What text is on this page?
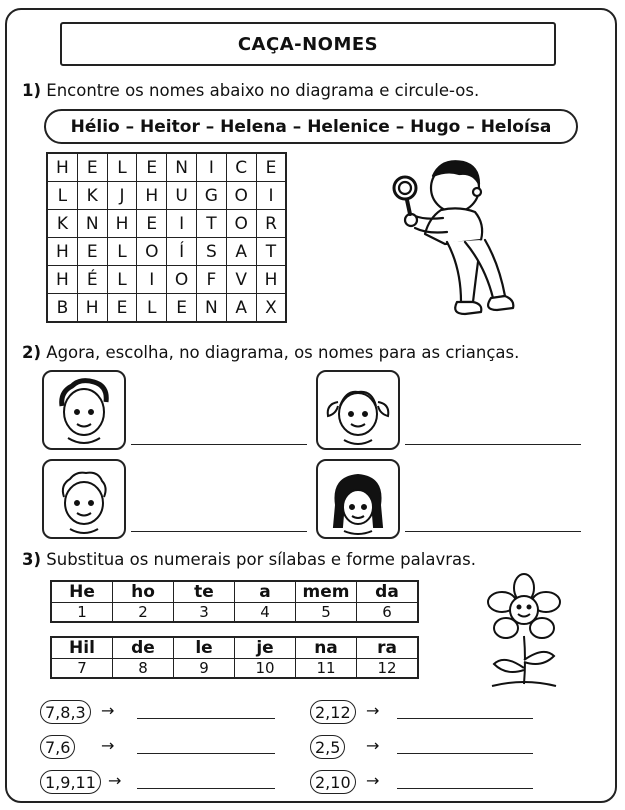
CAÇA-NOMES
1) Encontre os nomes abaixo no diagrama e circule-os.
Hélio – Heitor – Helena – Helenice – Hugo – Heloísa
H	E	L	E	N	I	C	E
L	K	J	H	U	G	O	I
K	N	H	E	I	T	O	R
H	E	L	O	Í	S	A	T
H	É	L	I	O	F	V	H
B	H	E	L	E	N	A	X
2) Agora, escolha, no diagrama, os nomes para as crianças.
3) Substitua os numerais por sílabas e forme palavras.
He	ho	te	a	mem	da
1	2	3	4	5	6
Hil	de	le	je	na	ra
7	8	9	10	11	12
7,8,3 →	2,12 →
7,6	→	2,5	→
1,9,11 →	2,10 →
